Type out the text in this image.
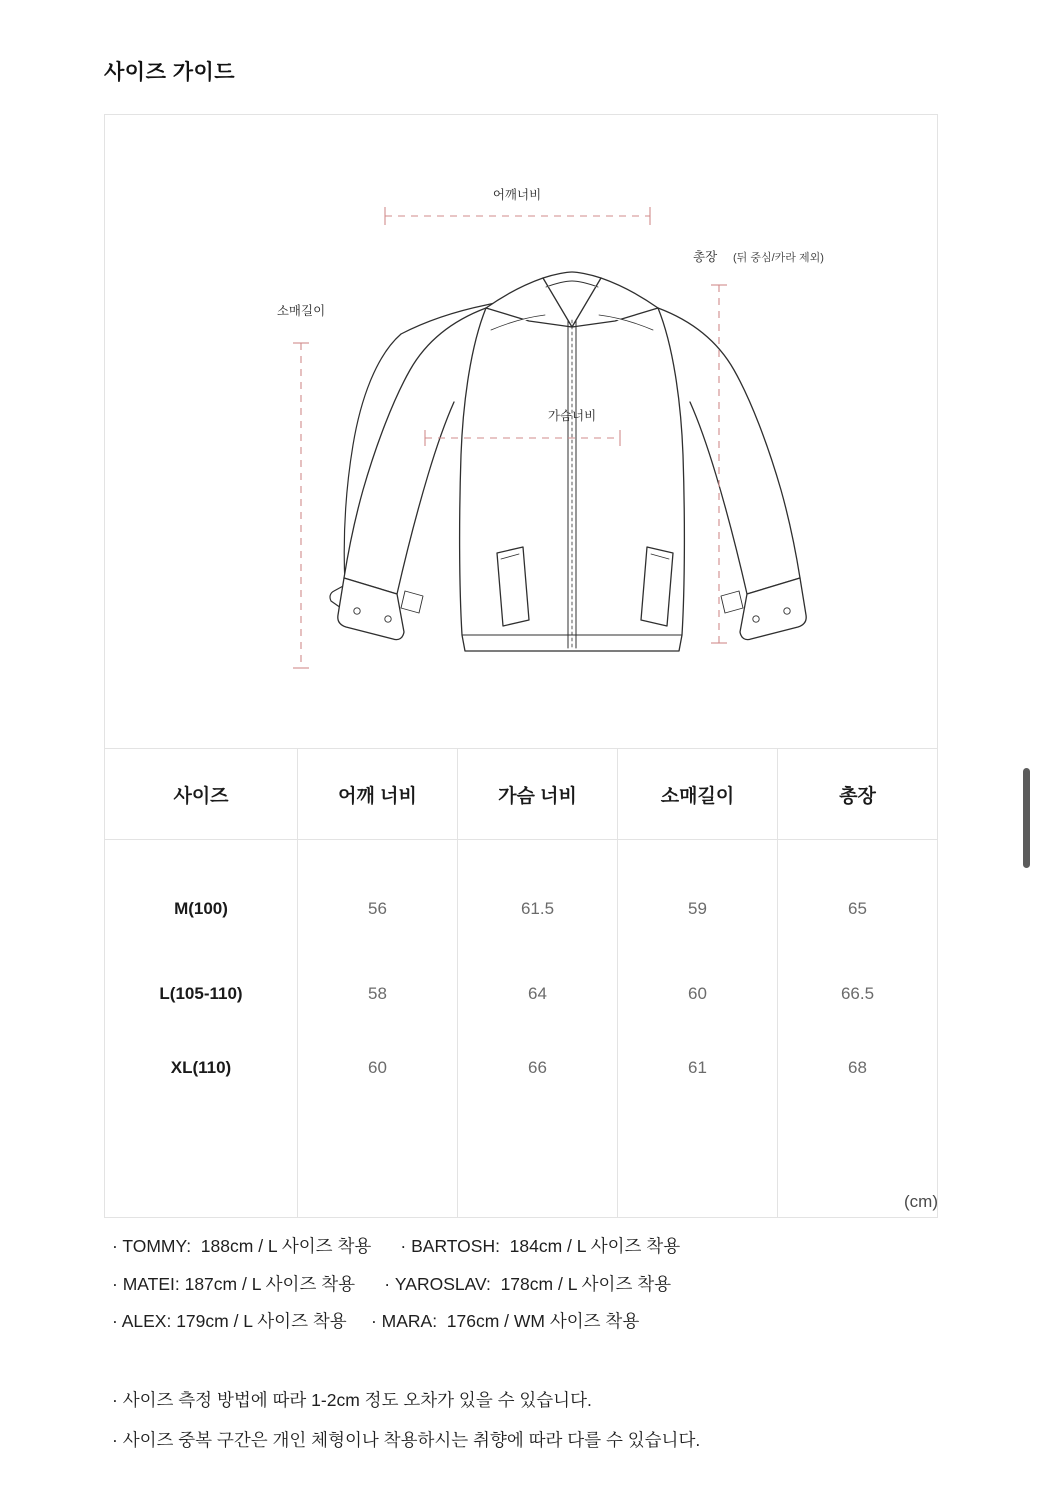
사이즈 가이드
어깨너비
가슴너비
소매길이
총장 (뒤 중심/카라 제외)
사이즈	어깨 너비	가슴 너비	소매길이	총장
M(100)	56	61.5	59	65
L(105-110)	58	64	60	66.5
XL(110)	60	66	61	68

(cm)
· TOMMY:  188cm / L 사이즈 착용      · BARTOSH:  184cm / L 사이즈 착용
· MATEI: 187cm / L 사이즈 착용      · YAROSLAV:  178cm / L 사이즈 착용
· ALEX: 179cm / L 사이즈 착용     · MARA:  176cm / WM 사이즈 착용
· 사이즈 측정 방법에 따라 1-2cm 정도 오차가 있을 수 있습니다.
· 사이즈 중복 구간은 개인 체형이나 착용하시는 취향에 따라 다를 수 있습니다.
